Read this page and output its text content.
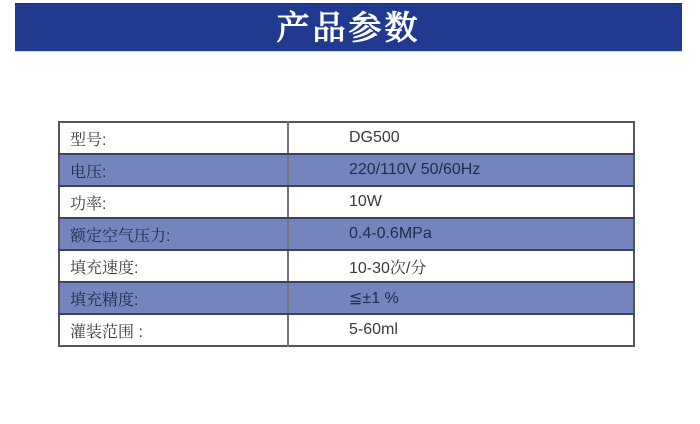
产品参数
型号:	DG500
电压:	220/110V 50/60Hz
功率:	10W
额定空气压力:	0.4-0.6MPa
填充速度:	10-30次/分
填充精度:	≦±1 %
灌装范围 :	5-60ml
